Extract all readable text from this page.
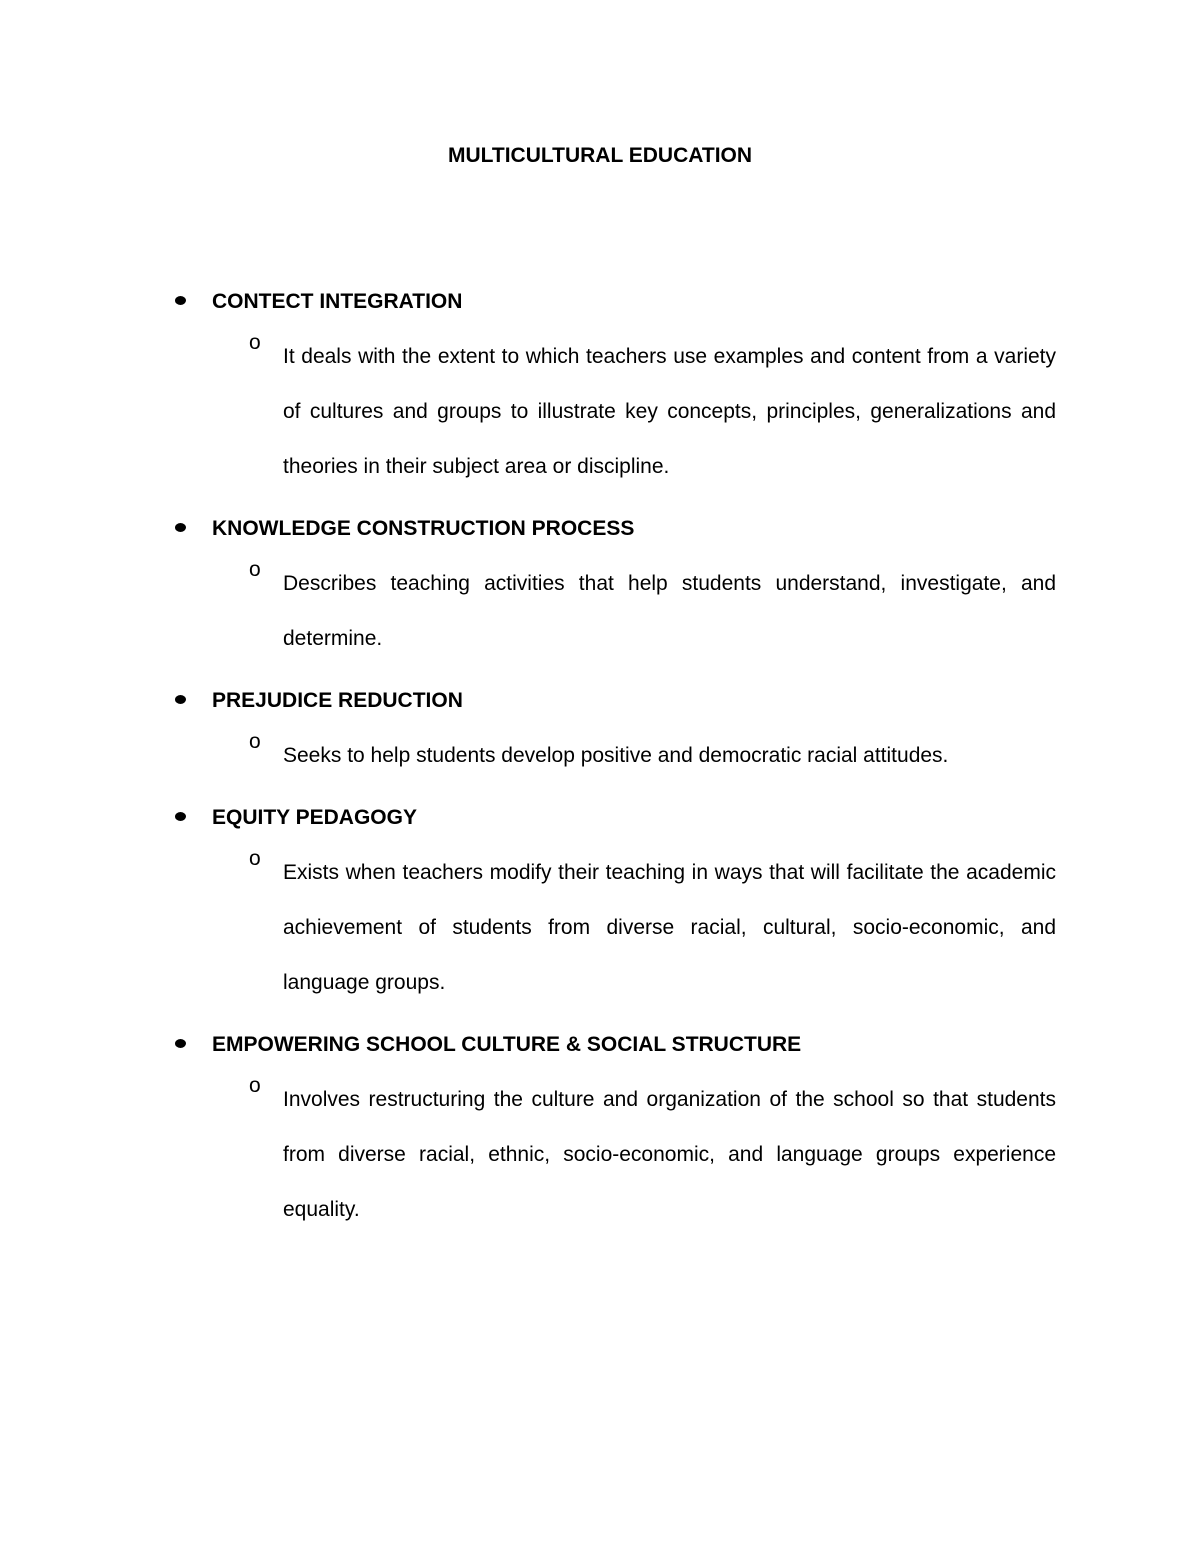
MULTICULTURAL EDUCATION
CONTECT INTEGRATION
o
It deals with the extent to which teachers use examples and content from a variety of cultures and groups to illustrate key concepts, principles, generalizations and theories in their subject area or discipline.
KNOWLEDGE CONSTRUCTION PROCESS
o
Describes teaching activities that help students understand, investigate, and determine.
PREJUDICE REDUCTION
o
Seeks to help students develop positive and democratic racial attitudes.
EQUITY PEDAGOGY
o
Exists when teachers modify their teaching in ways that will facilitate the academic achievement of students from diverse racial, cultural, socio-economic, and language groups.
EMPOWERING SCHOOL CULTURE & SOCIAL STRUCTURE
o
Involves restructuring the culture and organization of the school so that students from diverse racial, ethnic, socio-economic, and language groups experience equality.
